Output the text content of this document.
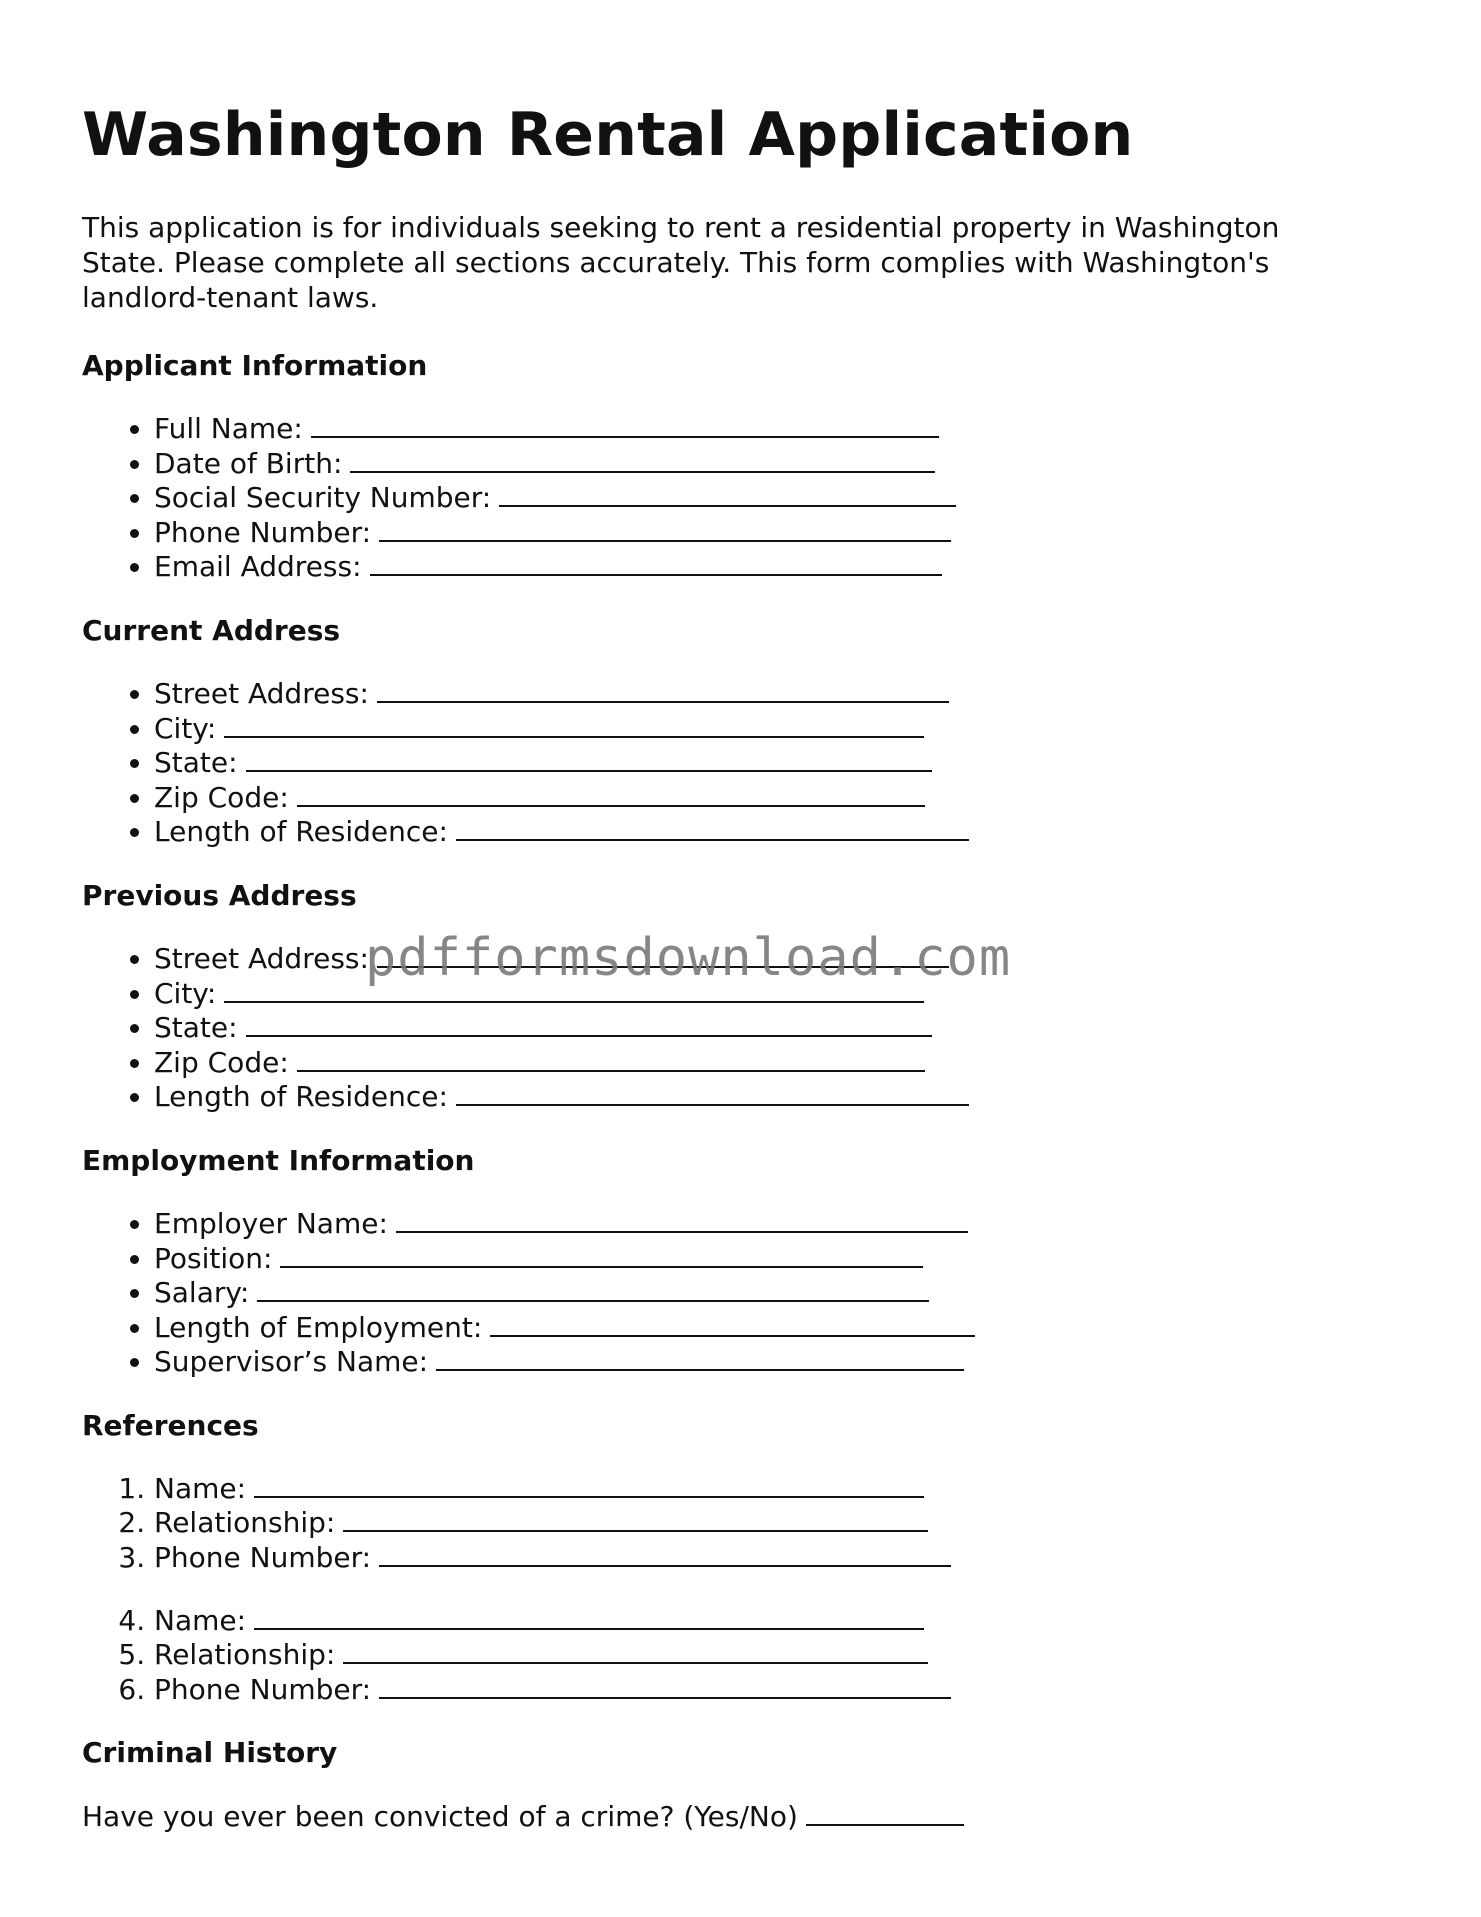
Washington Rental Application

This application is for individuals seeking to rent a residential property in Washington State. Please complete all sections accurately. This form complies with Washington's landlord-tenant laws.

Applicant Information
• Full Name:
• Date of Birth:
• Social Security Number:
• Phone Number:
• Email Address:
Current Address
• Street Address:
• City:
• State:
• Zip Code:
• Length of Residence:
Previous Address
• Street Address:
• City:
• State:
• Zip Code:
• Length of Residence:
Employment Information
• Employer Name:
• Position:
• Salary:
• Length of Employment:
• Supervisor’s Name:
References
1. Name:
2. Relationship:
3. Phone Number:
4. Name:
5. Relationship:
6. Phone Number:
Criminal History

Have you ever been convicted of a crime? (Yes/No)

pdfformsdownload.com
